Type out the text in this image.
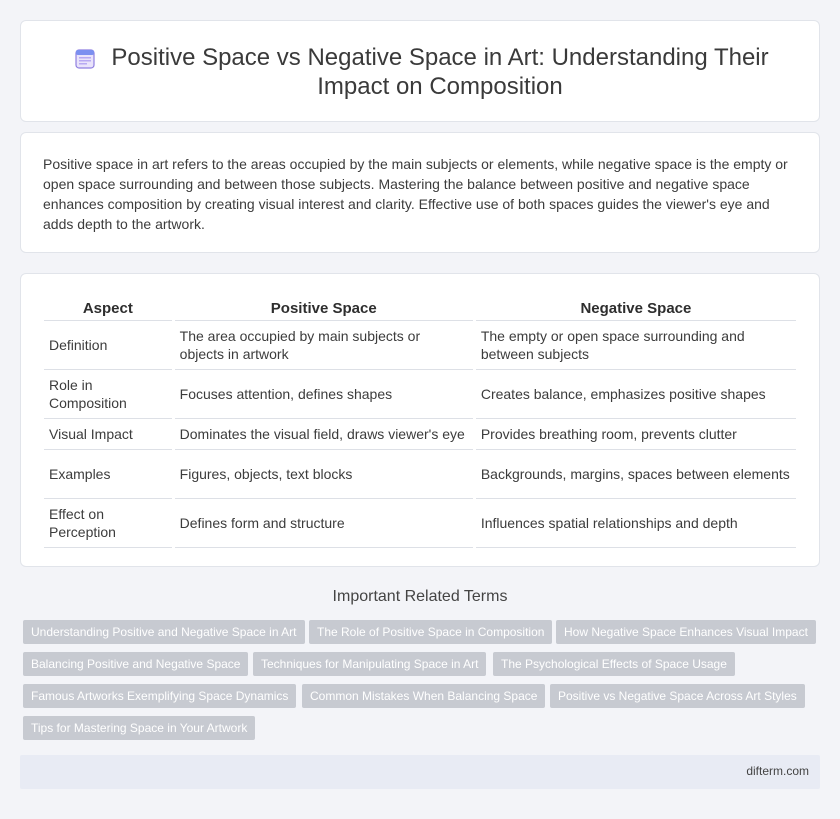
Positive Space vs Negative Space in Art: Understanding Their Impact on Composition
Positive space in art refers to the areas occupied by the main subjects or elements, while negative space is the empty or open space surrounding and between those subjects. Mastering the balance between positive and negative space enhances composition by creating visual interest and clarity. Effective use of both spaces guides the viewer's eye and adds depth to the artwork.
Aspect	Positive Space	Negative Space
Definition	The area occupied by main subjects or objects in artwork	The empty or open space surrounding and between subjects
Role in Composition	Focuses attention, defines shapes	Creates balance, emphasizes positive shapes
Visual Impact	Dominates the visual field, draws viewer's eye	Provides breathing room, prevents clutter
Examples	Figures, objects, text blocks	Backgrounds, margins, spaces between elements
Effect on Perception	Defines form and structure	Influences spatial relationships and depth
Important Related Terms
Understanding Positive and Negative Space in Art	The Role of Positive Space in Composition	How Negative Space Enhances Visual Impact
Balancing Positive and Negative Space	Techniques for Manipulating Space in Art	The Psychological Effects of Space Usage
Famous Artworks Exemplifying Space Dynamics	Common Mistakes When Balancing Space	Positive vs Negative Space Across Art Styles
Tips for Mastering Space in Your Artwork
difterm.com
